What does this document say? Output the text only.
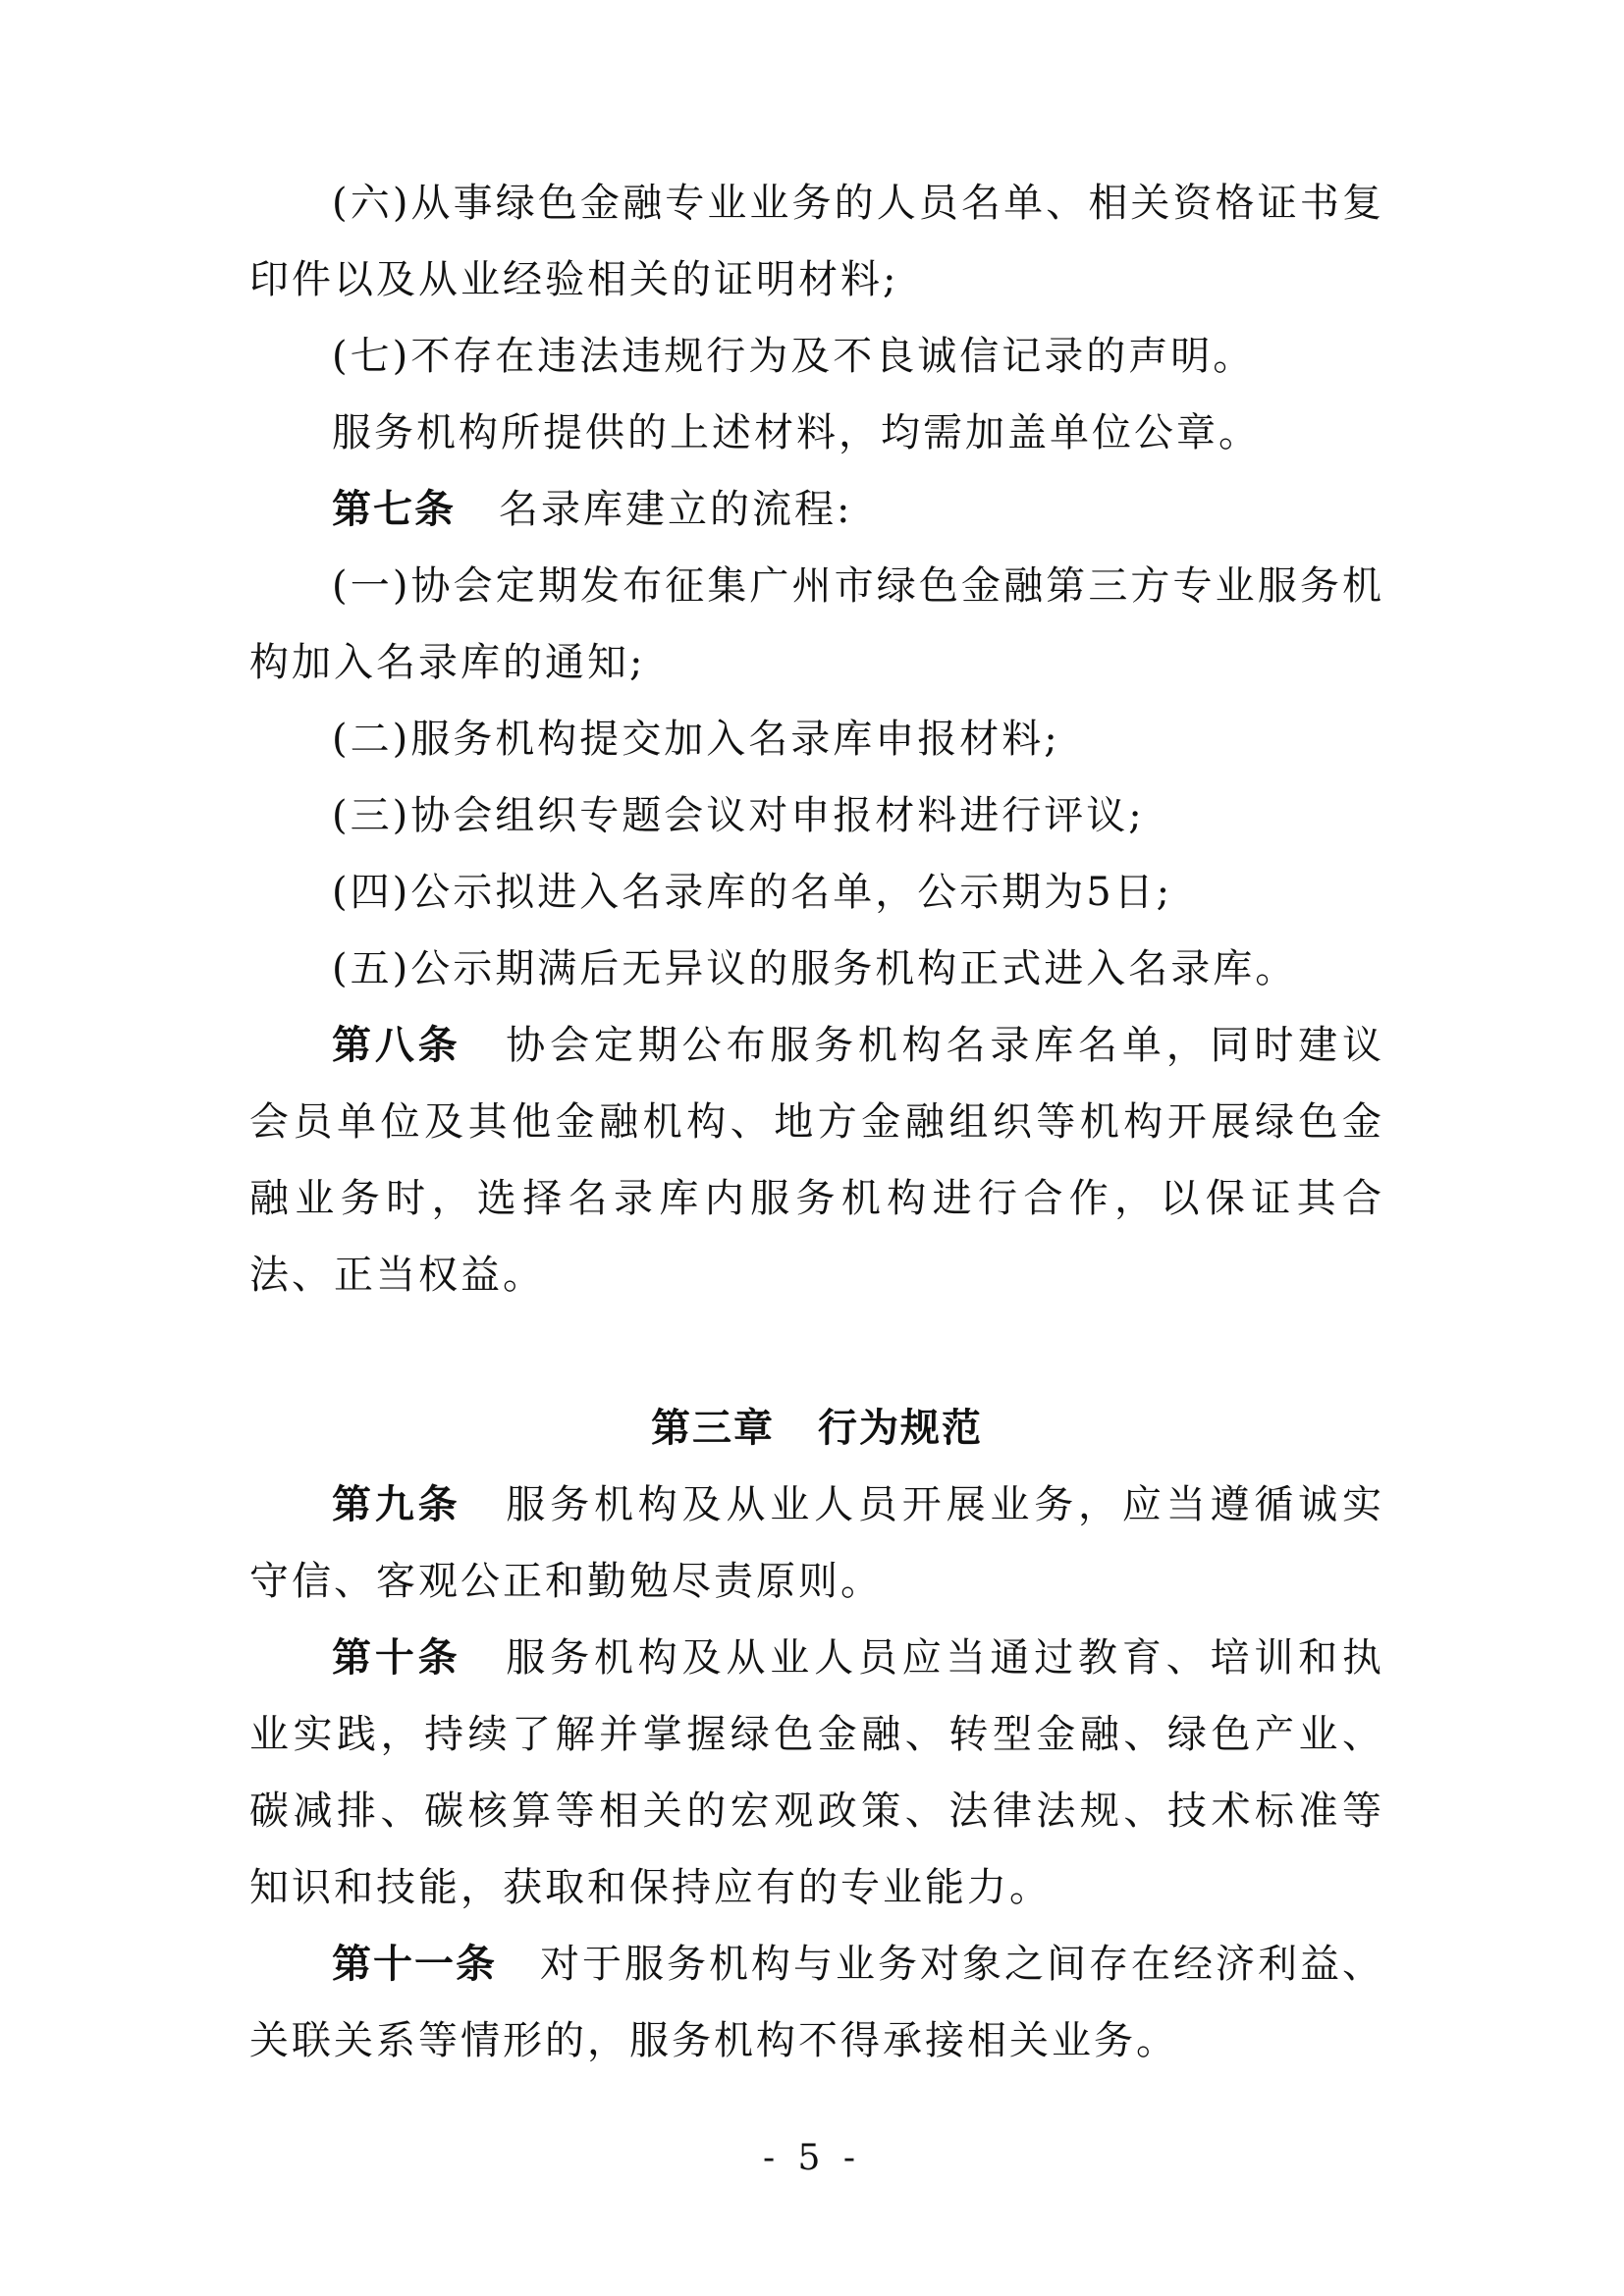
(六)从事绿色金融专业业务的人员名单、相关资格证书复印件以及从业经验相关的证明材料;

(七)不存在违法违规行为及不良诚信记录的声明。

服务机构所提供的上述材料，均需加盖单位公章。

第七条 名录库建立的流程:

(一)协会定期发布征集广州市绿色金融第三方专业服务机构加入名录库的通知;

(二)服务机构提交加入名录库申报材料;

(三)协会组织专题会议对申报材料进行评议;

(四)公示拟进入名录库的名单，公示期为5日;

(五)公示期满后无异议的服务机构正式进入名录库。

第八条 协会定期公布服务机构名录库名单，同时建议会员单位及其他金融机构、地方金融组织等机构开展绿色金融业务时，选择名录库内服务机构进行合作，以保证其合法、正当权益。

第三章 行为规范

第九条 服务机构及从业人员开展业务，应当遵循诚实守信、客观公正和勤勉尽责原则。

第十条 服务机构及从业人员应当通过教育、培训和执业实践，持续了解并掌握绿色金融、转型金融、绿色产业、碳减排、碳核算等相关的宏观政策、法律法规、技术标准等知识和技能，获取和保持应有的专业能力。

第十一条 对于服务机构与业务对象之间存在经济利益、关联关系等情形的，服务机构不得承接相关业务。

- 5 -
